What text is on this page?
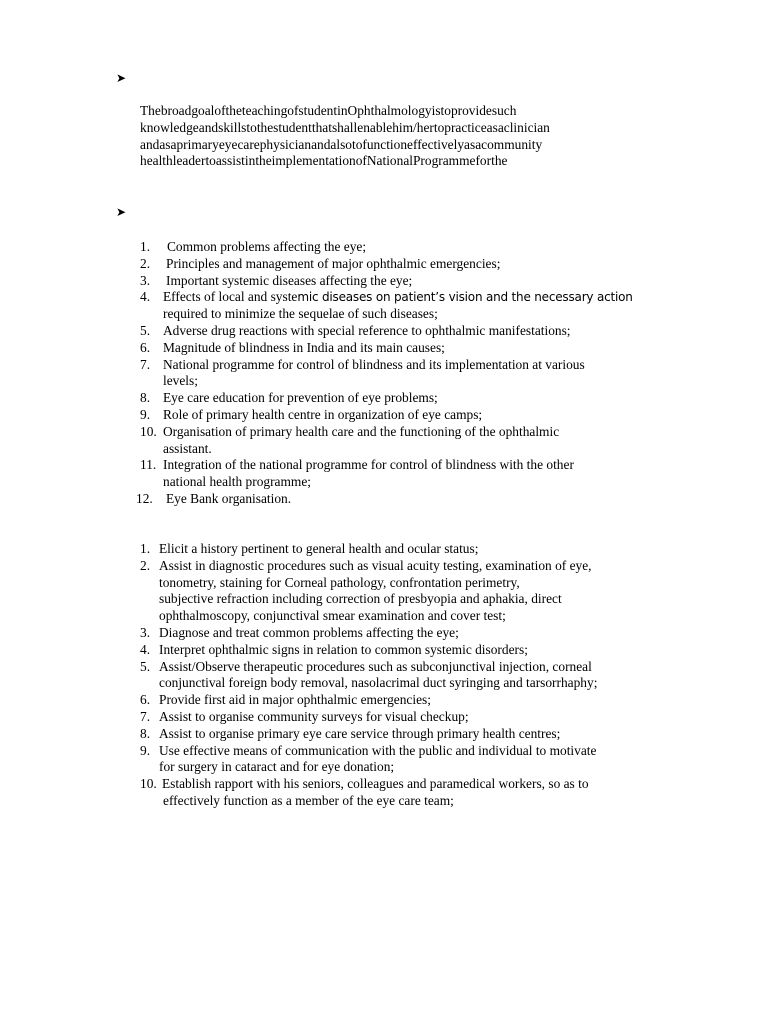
➤
ThebroadgoaloftheteachingofstudentinOphthalmologyistoprovidesuch
knowledgeandskillstothestudentthatshallenablehim/hertopracticeasaclinician
andasaprimaryeyecarephysicianandalsotofunctioneffectivelyasacommunity
healthleadertoassistintheimplementationofNationalProgrammeforthe
➤
1.	Common problems affecting the eye;
2.	Principles and management of major ophthalmic emergencies;
3.	Important systemic diseases affecting the eye;
4. Effects of local and systemic diseases on patient’s vision and the necessary action
required to minimize the sequelae of such diseases;
5. Adverse drug reactions with special reference to ophthalmic manifestations;
6. Magnitude of blindness in India and its main causes;
7. National programme for control of blindness and its implementation at various
levels;
8. Eye care education for prevention of eye problems;
9. Role of primary health centre in organization of eye camps;
10. Organisation of primary health care and the functioning of the ophthalmic
assistant.
11. Integration of the national programme for control of blindness with the other
national health programme;
12. Eye Bank organisation.
1. Elicit a history pertinent to general health and ocular status;
2. Assist in diagnostic procedures such as visual acuity testing, examination of eye,
tonometry, staining for Corneal pathology, confrontation perimetry,
subjective refraction including correction of presbyopia and aphakia, direct
ophthalmoscopy, conjunctival smear examination and cover test;
3. Diagnose and treat common problems affecting the eye;
4. Interpret ophthalmic signs in relation to common systemic disorders;
5. Assist/Observe therapeutic procedures such as subconjunctival injection, corneal
conjunctival foreign body removal, nasolacrimal duct syringing and tarsorrhaphy;
6. Provide first aid in major ophthalmic emergencies;
7. Assist to organise community surveys for visual checkup;
8. Assist to organise primary eye care service through primary health centres;
9. Use effective means of communication with the public and individual to motivate
for surgery in cataract and for eye donation;
10. Establish rapport with his seniors, colleagues and paramedical workers, so as to
effectively function as a member of the eye care team;
